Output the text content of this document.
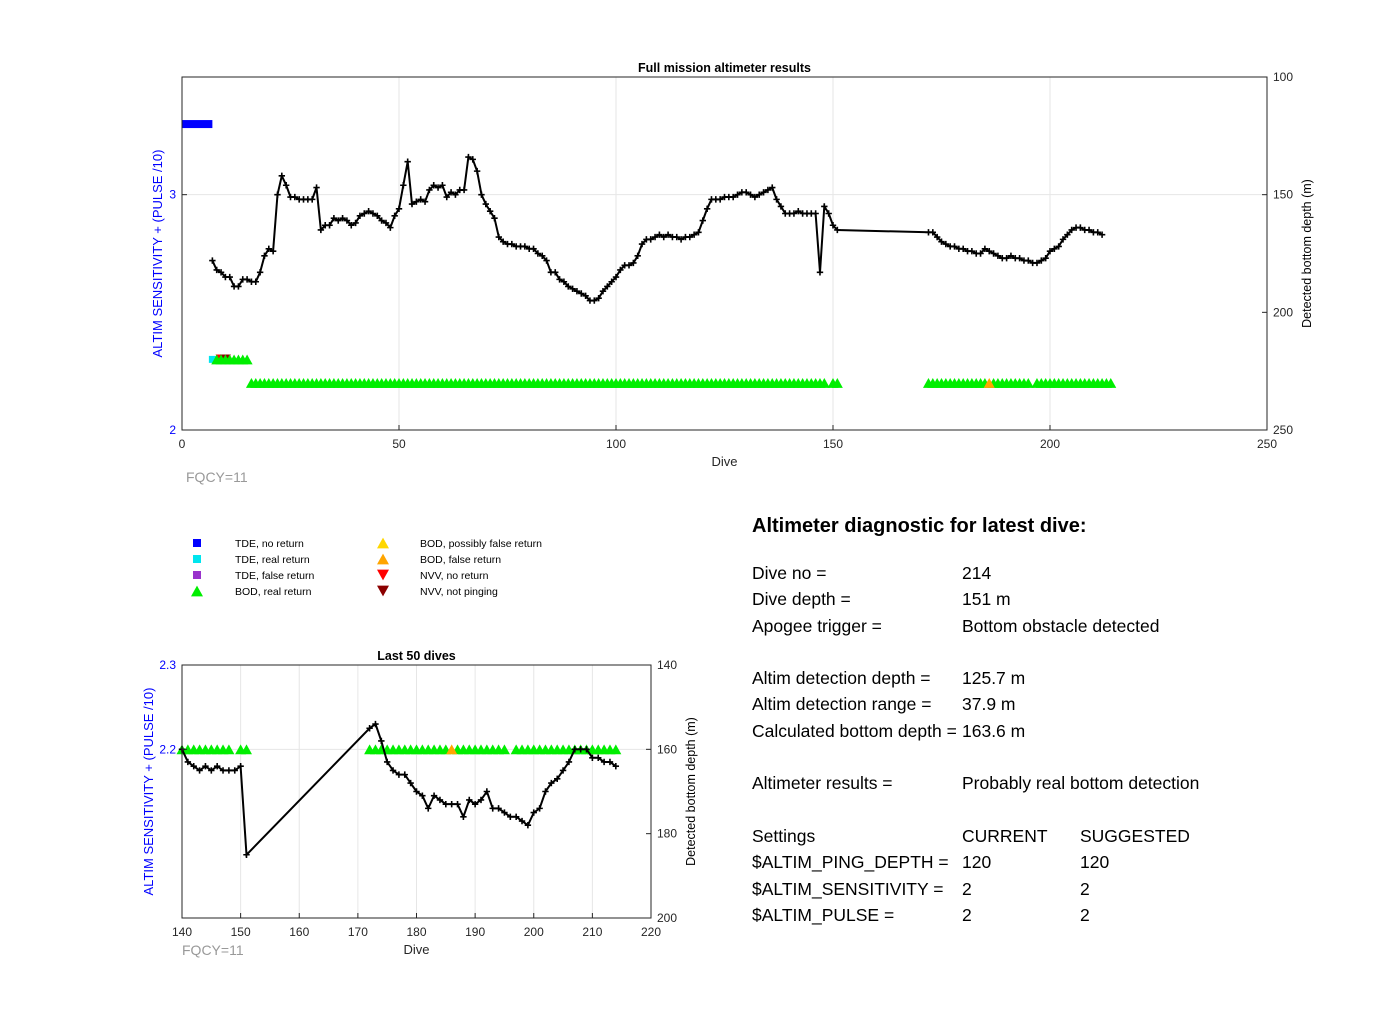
0	50	100	150	200	250
2
3
100
150
200
250
Full mission altimeter results
Dive
ALTIM SENSITIVITY + (PULSE /10)	Detected bottom depth (m)
FQCY=11
140	150	160	170	180	190	200	210	220
2.2
2.3	140
160
180
200
Last 50 dives
Dive
ALTIM SENSITIVITY + (PULSE /10)	Detected bottom depth (m)
FQCY=11
TDE, no return
TDE, real return
TDE, false return
BOD, real return
BOD, possibly false return
BOD, false return
NVV, no return
NVV, not pinging
Altimeter diagnostic for latest dive:
Dive no =	214
Dive depth =	151 m
Apogee trigger =	Bottom obstacle detected
Altim detection depth = 125.7 m
Altim detection range = 37.9 m
Calculated bottom depth = 163.6 m
Altimeter results =	Probably real bottom detection
Settings	CURRENT SUGGESTED
$ALTIM_PING_DEPTH = 120	120
$ALTIM_SENSITIVITY = 2	2
$ALTIM_PULSE =	2	2
